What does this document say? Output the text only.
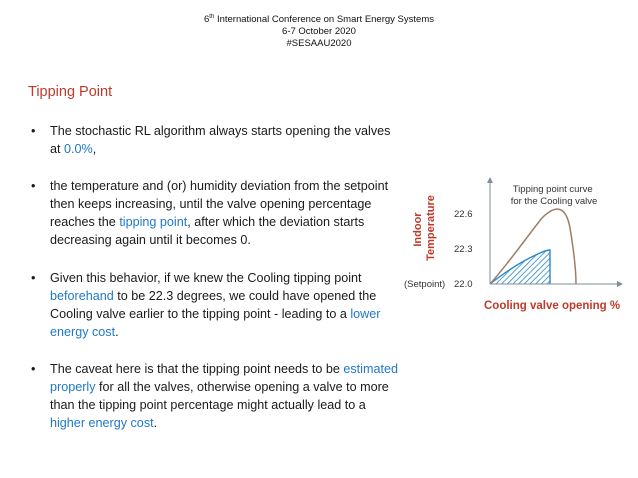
6th International Conference on Smart Energy Systems
6-7 October 2020
#SESAAU2020
Tipping Point
• The stochastic RL algorithm always starts opening the valves at 0.0%,
• the temperature and (or) humidity deviation from the setpoint then keeps increasing, until the valve opening percentage reaches the tipping point, after which the deviation starts decreasing again until it becomes 0.
• Given this behavior, if we knew the Cooling tipping point beforehand to be 22.3 degrees, we could have opened the Cooling valve earlier to the tipping point - leading to a lower energy cost.
• The caveat here is that the tipping point needs to be estimated properly for all the valves, otherwise opening a valve to more than the tipping point percentage might actually lead to a higher energy cost.
Indoor Temperature 22.6
22.3
(Setpoint) 22.0
Tipping point curve for the Cooling valve
Cooling valve opening %
